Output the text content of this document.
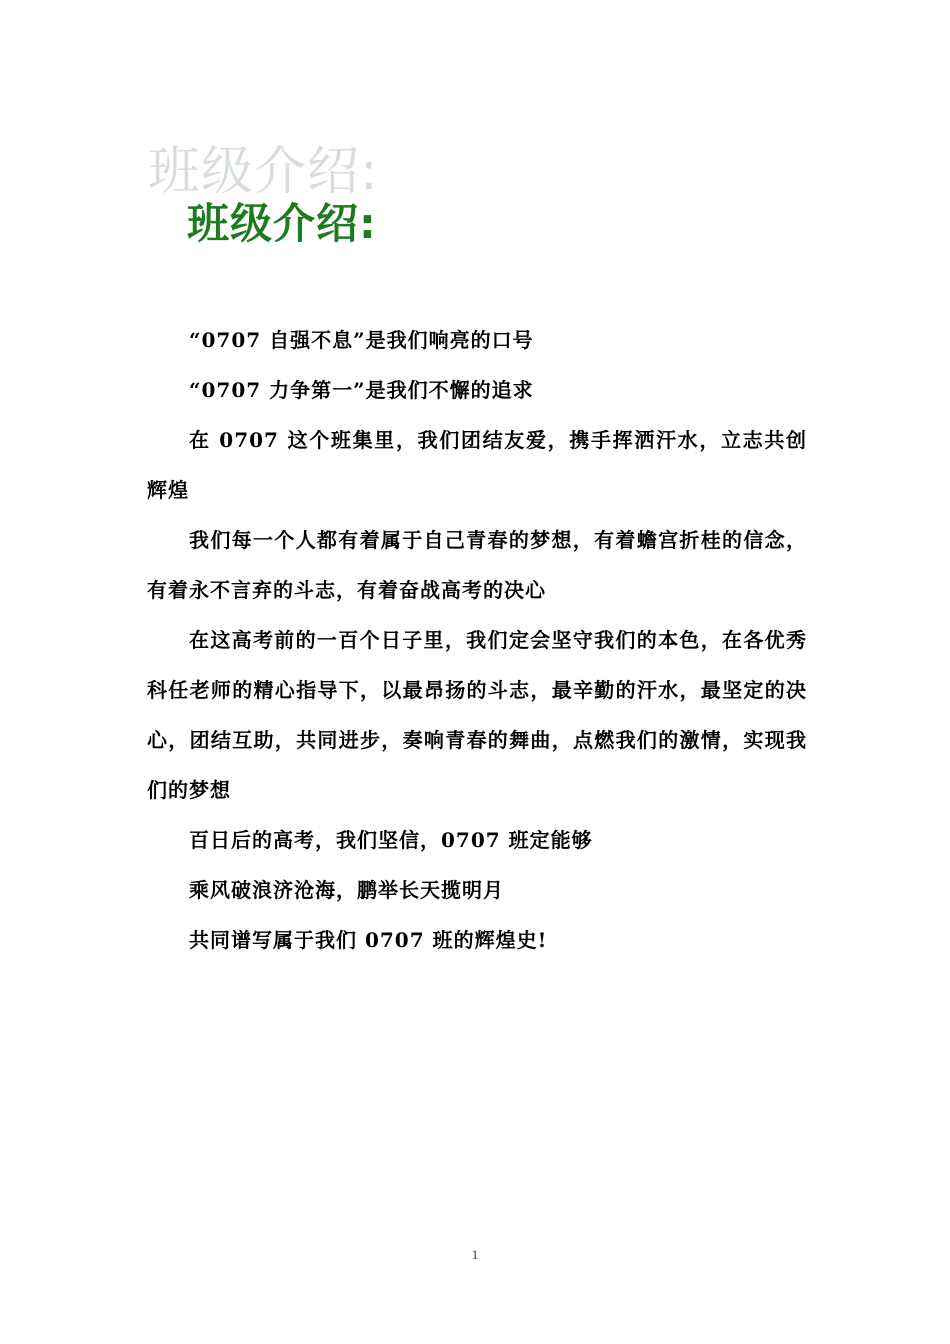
班级介绍:
班级介绍:

“0707 自强不息”是我们响亮的口号

“0707 力争第一”是我们不懈的追求

在 0707 这个班集里，我们团结友爱，携手挥洒汗水，立志共创辉煌

我们每一个人都有着属于自己青春的梦想，有着蟾宫折桂的信念，有着永不言弃的斗志，有着奋战高考的决心

在这高考前的一百个日子里，我们定会坚守我们的本色，在各优秀科任老师的精心指导下，以最昂扬的斗志，最辛勤的汗水，最坚定的决心，团结互助，共同进步，奏响青春的舞曲，点燃我们的激情，实现我们的梦想

百日后的高考，我们坚信，0707 班定能够

乘风破浪济沧海，鹏举长天揽明月

共同谱写属于我们 0707 班的辉煌史!

1
